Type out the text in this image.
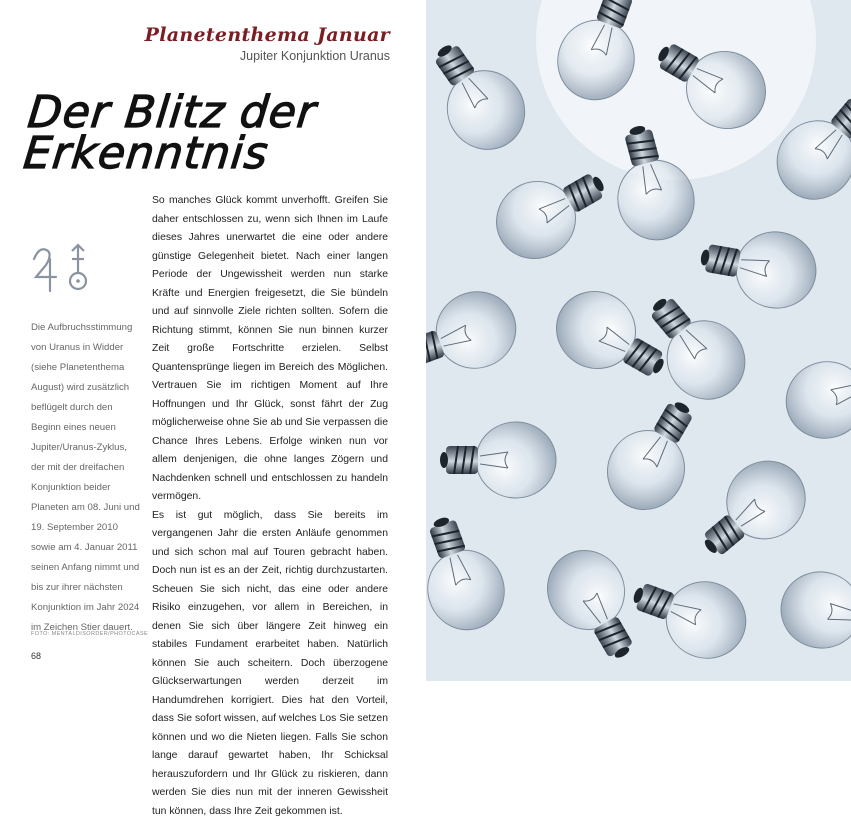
Planetenthema Januar
Jupiter Konjunktion Uranus
Der Blitz der
Erkenntnis

Die Aufbruchsstimmung von Uranus in Widder (siehe Planetenthema August) wird zusätzlich beflügelt durch den Beginn eines neuen Jupiter/Uranus-Zyklus, der mit der dreifachen Konjunktion beider Planeten am 08. Juni und 19. September 2010 sowie am 4. Januar 2011 seinen Anfang nimmt und bis zur ihrer nächsten Konjunktion im Jahr 2024 im Zeichen Stier dauert.

FOTO: MENTALDISORDER/PHOTOCASE
68

So manches Glück kommt unverhofft. Greifen Sie daher entschlossen zu, wenn sich Ihnen im Laufe dieses Jahres unerwartet die eine oder andere günstige Gelegenheit bietet. Nach einer langen Periode der Ungewissheit werden nun starke Kräfte und Energien freigesetzt, die Sie bündeln und auf sinnvolle Ziele richten sollten. Sofern die Richtung stimmt, können Sie nun binnen kurzer Zeit große Fortschritte erzielen. Selbst Quantensprünge liegen im Bereich des Möglichen. Vertrauen Sie im richtigen Moment auf Ihre Hoffnungen und Ihr Glück, sonst fährt der Zug möglicherweise ohne Sie ab und Sie verpassen die Chance Ihres Lebens. Erfolge winken nun vor allem denjenigen, die ohne langes Zögern und Nachdenken schnell und entschlossen zu handeln vermögen.

Es ist gut möglich, dass Sie bereits im vergangenen Jahr die ersten Anläufe genommen und sich schon mal auf Touren gebracht haben. Doch nun ist es an der Zeit, richtig durchzustarten. Scheuen Sie sich nicht, das eine oder andere Risiko einzugehen, vor allem in Bereichen, in denen Sie sich über längere Zeit hinweg ein stabiles Fundament erarbeitet haben. Natürlich können Sie auch scheitern. Doch überzogene Glückserwartungen werden derzeit im Handumdrehen korrigiert. Dies hat den Vorteil, dass Sie sofort wissen, auf welches Los Sie setzen können und wo die Nieten liegen. Falls Sie schon lange darauf gewartet haben, Ihr Schicksal herauszufordern und Ihr Glück zu riskieren, dann werden Sie dies nun mit der inneren Gewissheit tun können, dass Ihre Zeit gekommen ist.
